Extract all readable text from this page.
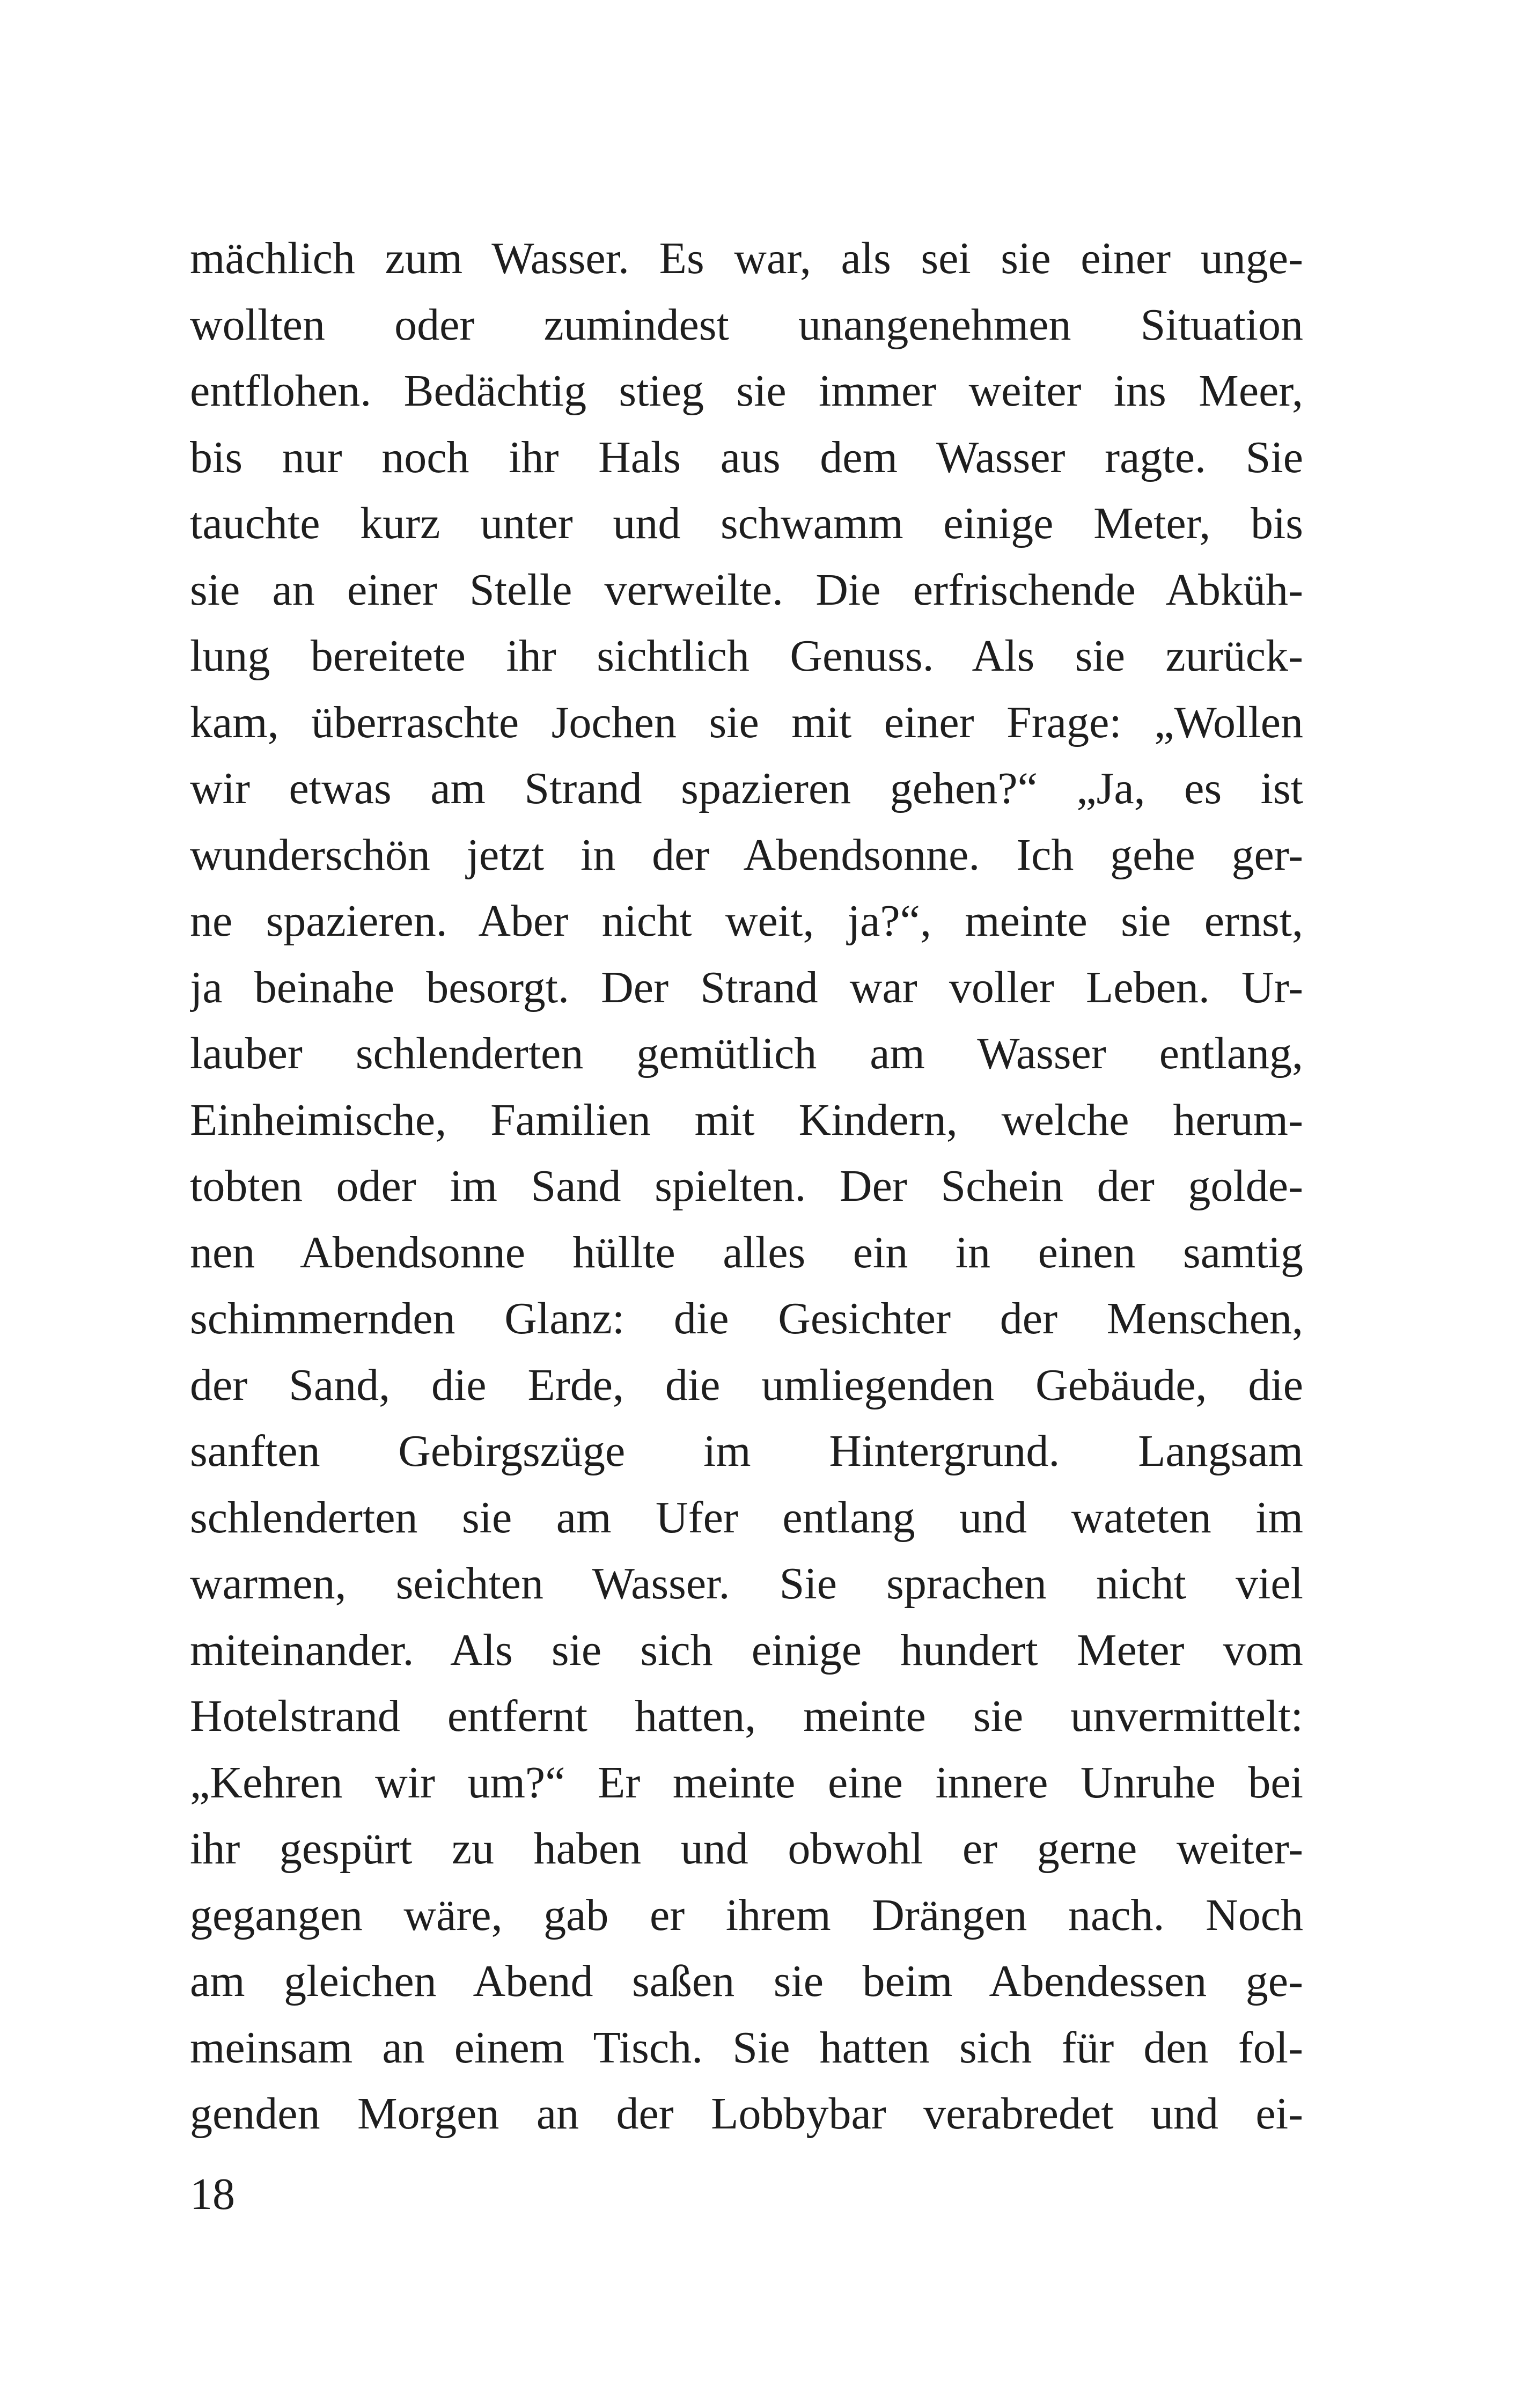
mächlich zum Wasser. Es war, als sei sie einer unge-
wollten oder zumindest unangenehmen Situation
entflohen. Bedächtig stieg sie immer weiter ins Meer,
bis nur noch ihr Hals aus dem Wasser ragte. Sie
tauchte kurz unter und schwamm einige Meter, bis
sie an einer Stelle verweilte. Die erfrischende Abküh-
lung bereitete ihr sichtlich Genuss. Als sie zurück-
kam, überraschte Jochen sie mit einer Frage: „Wollen
wir etwas am Strand spazieren gehen?“ „Ja, es ist
wunderschön jetzt in der Abendsonne. Ich gehe ger-
ne spazieren. Aber nicht weit, ja?“, meinte sie ernst,
ja beinahe besorgt. Der Strand war voller Leben. Ur-
lauber schlenderten gemütlich am Wasser entlang,
Einheimische, Familien mit Kindern, welche herum-
tobten oder im Sand spielten. Der Schein der golde-
nen Abendsonne hüllte alles ein in einen samtig
schimmernden Glanz: die Gesichter der Menschen,
der Sand, die Erde, die umliegenden Gebäude, die
sanften Gebirgszüge im Hintergrund. Langsam
schlenderten sie am Ufer entlang und wateten im
warmen, seichten Wasser. Sie sprachen nicht viel
miteinander. Als sie sich einige hundert Meter vom
Hotelstrand entfernt hatten, meinte sie unvermittelt:
„Kehren wir um?“ Er meinte eine innere Unruhe bei
ihr gespürt zu haben und obwohl er gerne weiter-
gegangen wäre, gab er ihrem Drängen nach. Noch
am gleichen Abend saßen sie beim Abendessen ge-
meinsam an einem Tisch. Sie hatten sich für den fol-
genden Morgen an der Lobbybar verabredet und ei-
18
